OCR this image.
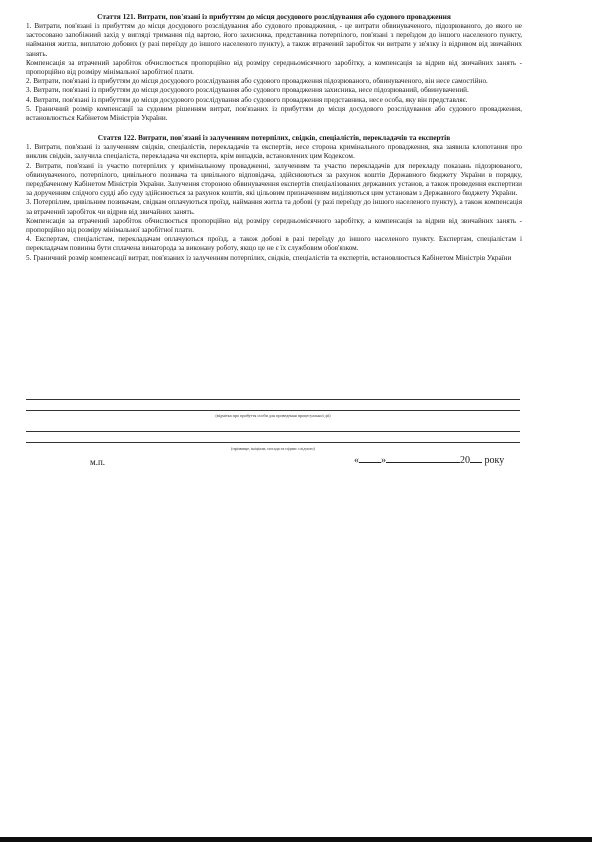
Стаття 121. Витрати, пов'язані із прибуттям до місця досудового розслідування або судового провадження

1. Витрати, пов'язані із прибуттям до місця досудового розслідування або судового провадження, - це витрати обвинуваченого, підозрюваного, до якого не застосовано запобіжний захід у вигляді тримання під вартою, його захисника, представника потерпілого, пов'язані з переїздом до іншого населеного пункту, наймання житла, виплатою добових (у разі переїзду до іншого населеного пункту), а також втрачений заробіток чи витрати у зв'язку із відривом від звичайних занять.

Компенсація за втрачений заробіток обчислюється пропорційно від розміру середньомісячного заробітку, а компенсація за відрив від звичайних занять - пропорційно від розміру мінімальної заробітної плати.

2. Витрати, пов'язані із прибуттям до місця досудового розслідування або судового провадження підозрюваного, обвинуваченого, він несе самостійно.

3. Витрати, пов'язані із прибуттям до місця досудового розслідування або судового провадження захисника, несе підозрюваний, обвинувачений.

4. Витрати, пов'язані із прибуттям до місця досудового розслідування або судового провадження представника, несе особа, яку він представляє.

5. Граничний розмір компенсації за судовим рішенням витрат, пов'язаних із прибуттям до місця досудового розслідування або судового провадження, встановлюється Кабінетом Міністрів України.

Стаття 122. Витрати, пов'язані із залученням потерпілих, свідків, спеціалістів, перекладачів та експертів

1. Витрати, пов'язані із залученням свідків, спеціалістів, перекладачів та експертів, несе сторона кримінального провадження, яка заявила клопотання про виклик свідків, залучила спеціаліста, перекладача чи експерта, крім випадків, встановлених цим Кодексом.

2. Витрати, пов'язані із участю потерпілих у кримінальному провадженні, залученням та участю перекладачів для перекладу показань підозрюваного, обвинуваченого, потерпілого, цивільного позивача та цивільного відповідача, здійснюються за рахунок коштів Державного бюджету України в порядку, передбаченому Кабінетом Міністрів України. Залучення стороною обвинувачення експертів спеціалізованих державних установ, а також проведення експертизи за дорученням слідчого судді або суду здійснюється за рахунок коштів, які цільовим призначенням виділяються цим установам з Державного бюджету України.

3. Потерпілим, цивільним позивачам, свідкам оплачуються проїзд, наймання житла та добові (у разі переїзду до іншого населеного пункту), а також компенсація за втрачений заробіток чи відрив від звичайних занять.

Компенсація за втрачений заробіток обчислюється пропорційно від розміру середньомісячного заробітку, а компенсація за відрив від звичайних занять - пропорційно від розміру мінімальної заробітної плати.

4. Експертам, спеціалістам, перекладачам оплачуються проїзд, а також добові в разі переїзду до іншого населеного пункту. Експертам, спеціалістам і перекладачам повинна бути сплачена винагорода за виконану роботу, якщо це не є їх службовим обов'язком.

5. Граничний розмір компенсації витрат, пов'язаних із залученням потерпілих, свідків, спеціалістів та експертів, встановлюється Кабінетом Міністрів України

(відмітка про прибуття особи для проведення процесуальної дії)
(прізвище, ініціали, посада та підпис слідчого)
м.п.	« »	20 року
